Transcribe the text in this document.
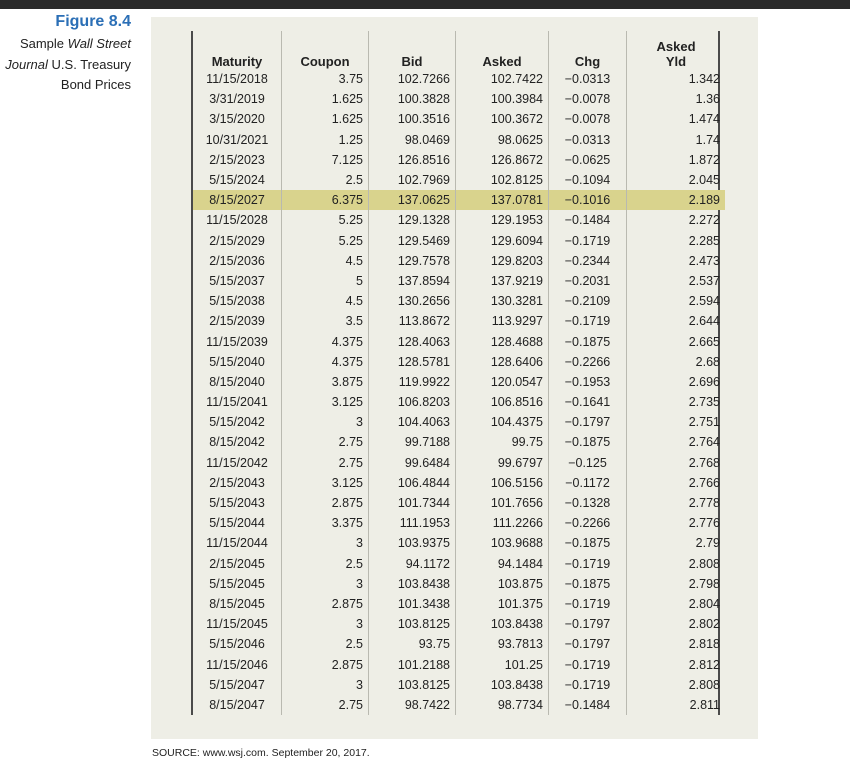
Figure 8.4
Sample Wall Street Journal U.S. Treasury Bond Prices
Maturity	Coupon	Bid	Asked	Chg	Asked
Yld
11/15/2018	3.75	102.7266	102.7422	−0.0313	1.342
3/31/2019	1.625	100.3828	100.3984	−0.0078	1.36
3/15/2020	1.625	100.3516	100.3672	−0.0078	1.474
10/31/2021	1.25	98.0469	98.0625	−0.0313	1.74
2/15/2023	7.125	126.8516	126.8672	−0.0625	1.872
5/15/2024	2.5	102.7969	102.8125	−0.1094	2.045
8/15/2027	6.375	137.0625	137.0781	−0.1016	2.189
11/15/2028	5.25	129.1328	129.1953	−0.1484	2.272
2/15/2029	5.25	129.5469	129.6094	−0.1719	2.285
2/15/2036	4.5	129.7578	129.8203	−0.2344	2.473
5/15/2037	5	137.8594	137.9219	−0.2031	2.537
5/15/2038	4.5	130.2656	130.3281	−0.2109	2.594
2/15/2039	3.5	113.8672	113.9297	−0.1719	2.644
11/15/2039	4.375	128.4063	128.4688	−0.1875	2.665
5/15/2040	4.375	128.5781	128.6406	−0.2266	2.68
8/15/2040	3.875	119.9922	120.0547	−0.1953	2.696
11/15/2041	3.125	106.8203	106.8516	−0.1641	2.735
5/15/2042	3	104.4063	104.4375	−0.1797	2.751
8/15/2042	2.75	99.7188	99.75	−0.1875	2.764
11/15/2042	2.75	99.6484	99.6797	−0.125	2.768
2/15/2043	3.125	106.4844	106.5156	−0.1172	2.766
5/15/2043	2.875	101.7344	101.7656	−0.1328	2.778
5/15/2044	3.375	111.1953	111.2266	−0.2266	2.776
11/15/2044	3	103.9375	103.9688	−0.1875	2.79
2/15/2045	2.5	94.1172	94.1484	−0.1719	2.808
5/15/2045	3	103.8438	103.875	−0.1875	2.798
8/15/2045	2.875	101.3438	101.375	−0.1719	2.804
11/15/2045	3	103.8125	103.8438	−0.1797	2.802
5/15/2046	2.5	93.75	93.7813	−0.1797	2.818
11/15/2046	2.875	101.2188	101.25	−0.1719	2.812
5/15/2047	3	103.8125	103.8438	−0.1719	2.808
8/15/2047	2.75	98.7422	98.7734	−0.1484	2.811
SOURCE: www.wsj.com. September 20, 2017.
